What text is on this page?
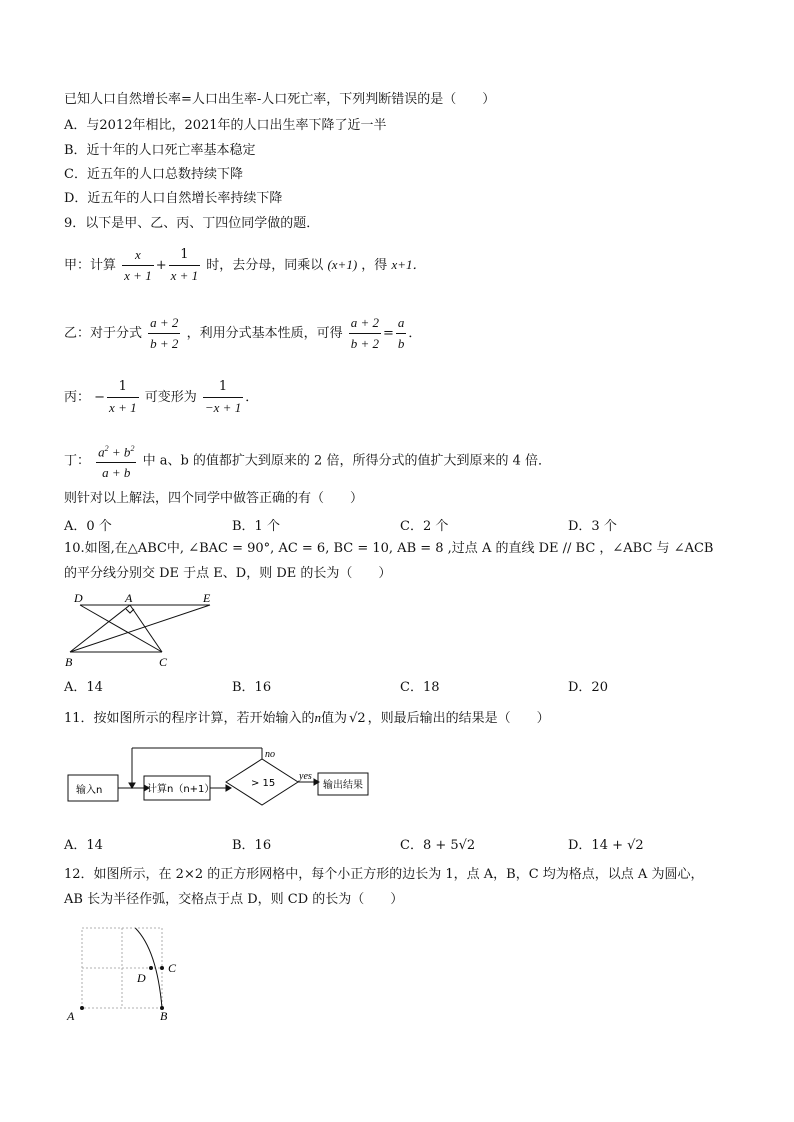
已知人口自然增长率=人口出生率-人口死亡率，下列判断错误的是（　　）
A．与2012年相比，2021年的人口出生率下降了近一半
B．近十年的人口死亡率基本稳定
C．近五年的人口总数持续下降
D．近五年的人口自然增长率持续下降
9．以下是甲、乙、丙、丁四位同学做的题．
甲：计算 $\frac{x}{x + 1} + \frac{1}{x + 1}$ 时，去分母，同乘以 (x+1) ，得 x+1．
乙：对于分式 $\frac{a + 2}{b + 2}$ ，利用分式基本性质，可得 $\frac{a + 2}{b + 2} = \frac{a}{b}$ ．
丙： − $\frac{1}{x + 1}$ 可变形为 $\frac{1}{-x + 1}$ ．
丁： $\frac{a^2 + b^2}{a + b}$ 中 a、b 的值都扩大到原来的 2 倍，所得分式的值扩大到原来的 4 倍．
则针对以上解法，四个同学中做答正确的有（　　）
A．0 个	B．1 个	C．2 个	D．3 个
10.如图,在△ABC中, ∠BAC = 90°, AC = 6, BC = 10, AB = 8 ,过点 A 的直线 DE // BC ，∠ABC 与 ∠ACB
的平分线分别交 DE 于点 E、D，则 DE 的长为（　　）
D	A	E
B	C
A．14	B．16	C．18	D．20
11．按如图所示的程序计算，若开始输入的n值为 √2 ，则最后输出的结果是（　　）
输入n	计算n（n+1）
> 15	输出结果
no
yes
A．14	B．16	C．8 + 5√2	D．14 + √2
12．如图所示，在 2×2 的正方形网格中，每个小正方形的边长为 1，点 A，B，C 均为格点，以点 A 为圆心，
AB 长为半径作弧，交格点于点 D，则 CD 的长为（　　）
A	B
C
D
